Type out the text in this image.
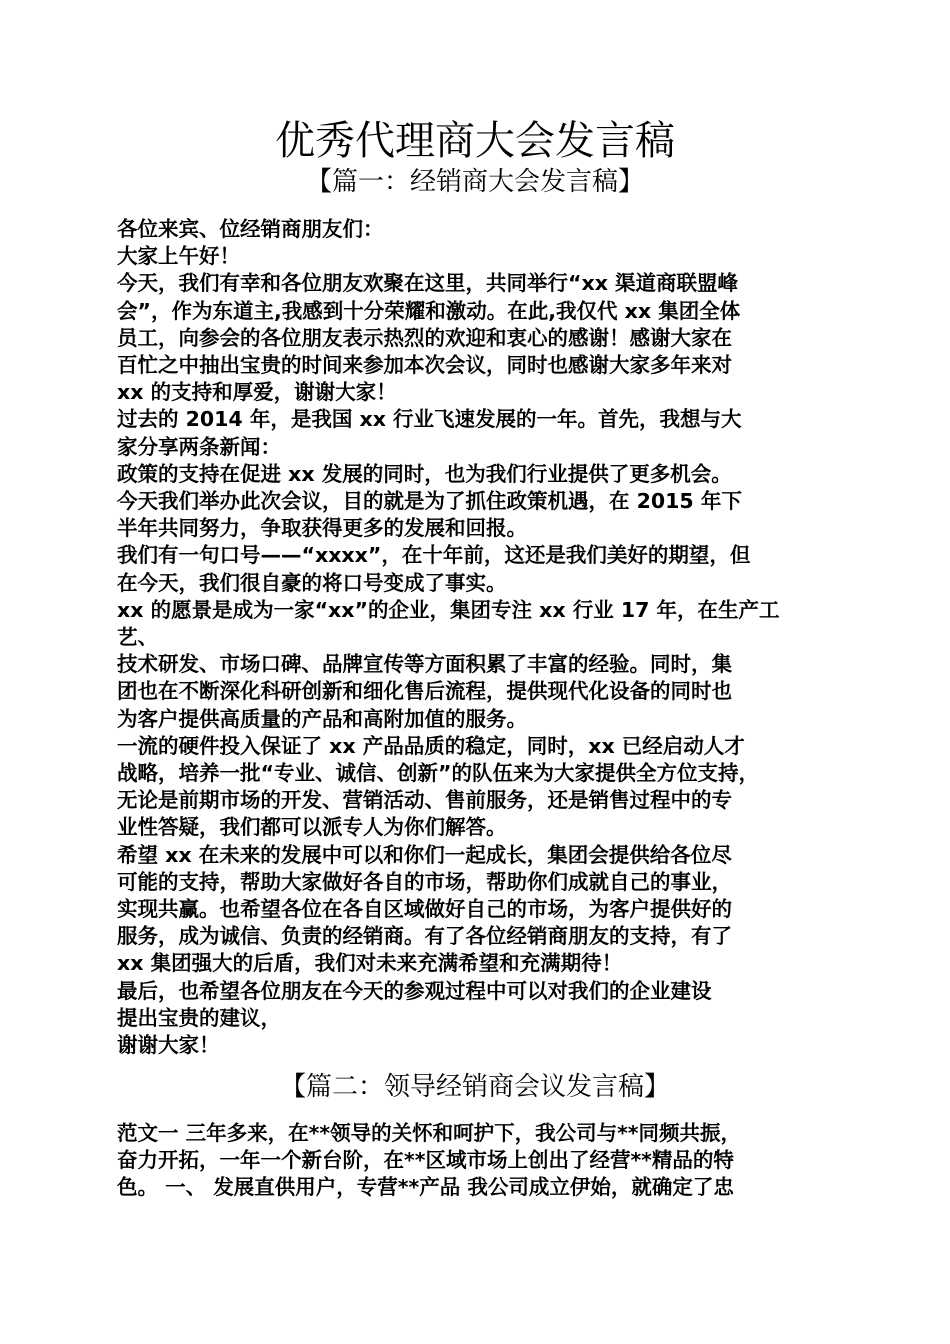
优秀代理商大会发言稿
【篇一：经销商大会发言稿】
各位来宾、位经销商朋友们：
大家上午好！
今天，我们有幸和各位朋友欢聚在这里，共同举行“xx 渠道商联盟峰
会”，作为东道主,我感到十分荣耀和激动。在此,我仅代 xx 集团全体
员工，向参会的各位朋友表示热烈的欢迎和衷心的感谢！感谢大家在
百忙之中抽出宝贵的时间来参加本次会议，同时也感谢大家多年来对
xx 的支持和厚爱，谢谢大家！
过去的 2014 年，是我国 xx 行业飞速发展的一年。首先，我想与大
家分享两条新闻：
政策的支持在促进 xx 发展的同时，也为我们行业提供了更多机会。
今天我们举办此次会议，目的就是为了抓住政策机遇，在 2015 年下
半年共同努力，争取获得更多的发展和回报。
我们有一句口号——“xxxx”，在十年前，这还是我们美好的期望，但
在今天，我们很自豪的将口号变成了事实。
xx 的愿景是成为一家“xx”的企业，集团专注 xx 行业 17 年，在生产工
艺、
技术研发、市场口碑、品牌宣传等方面积累了丰富的经验。同时，集
团也在不断深化科研创新和细化售后流程，提供现代化设备的同时也
为客户提供高质量的产品和高附加值的服务。
一流的硬件投入保证了 xx 产品品质的稳定，同时，xx 已经启动人才
战略，培养一批“专业、诚信、创新”的队伍来为大家提供全方位支持，
无论是前期市场的开发、营销活动、售前服务，还是销售过程中的专
业性答疑，我们都可以派专人为你们解答。
希望 xx 在未来的发展中可以和你们一起成长，集团会提供给各位尽
可能的支持，帮助大家做好各自的市场，帮助你们成就自己的事业，
实现共赢。也希望各位在各自区域做好自己的市场，为客户提供好的
服务，成为诚信、负责的经销商。有了各位经销商朋友的支持，有了
xx 集团强大的后盾，我们对未来充满希望和充满期待！
最后，也希望各位朋友在今天的参观过程中可以对我们的企业建设
提出宝贵的建议，
谢谢大家！
【篇二：领导经销商会议发言稿】
范文一 三年多来，在**领导的关怀和呵护下，我公司与**同频共振，
奋力开拓，一年一个新台阶，在**区域市场上创出了经营**精品的特
色。 一、 发展直供用户，专营**产品 我公司成立伊始，就确定了忠
